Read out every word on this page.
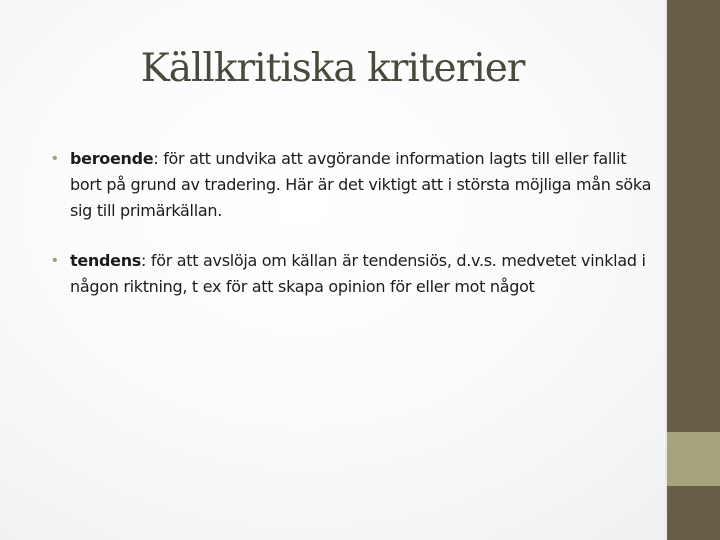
Källkritiska kriterier
• beroende: för att undvika att avgörande information lagts till eller fallit bort på grund av tradering. Här är det viktigt att i största möjliga mån söka sig till primärkällan.
• tendens: för att avslöja om källan är tendensiös, d.v.s. medvetet vinklad i någon riktning, t ex för att skapa opinion för eller mot något
